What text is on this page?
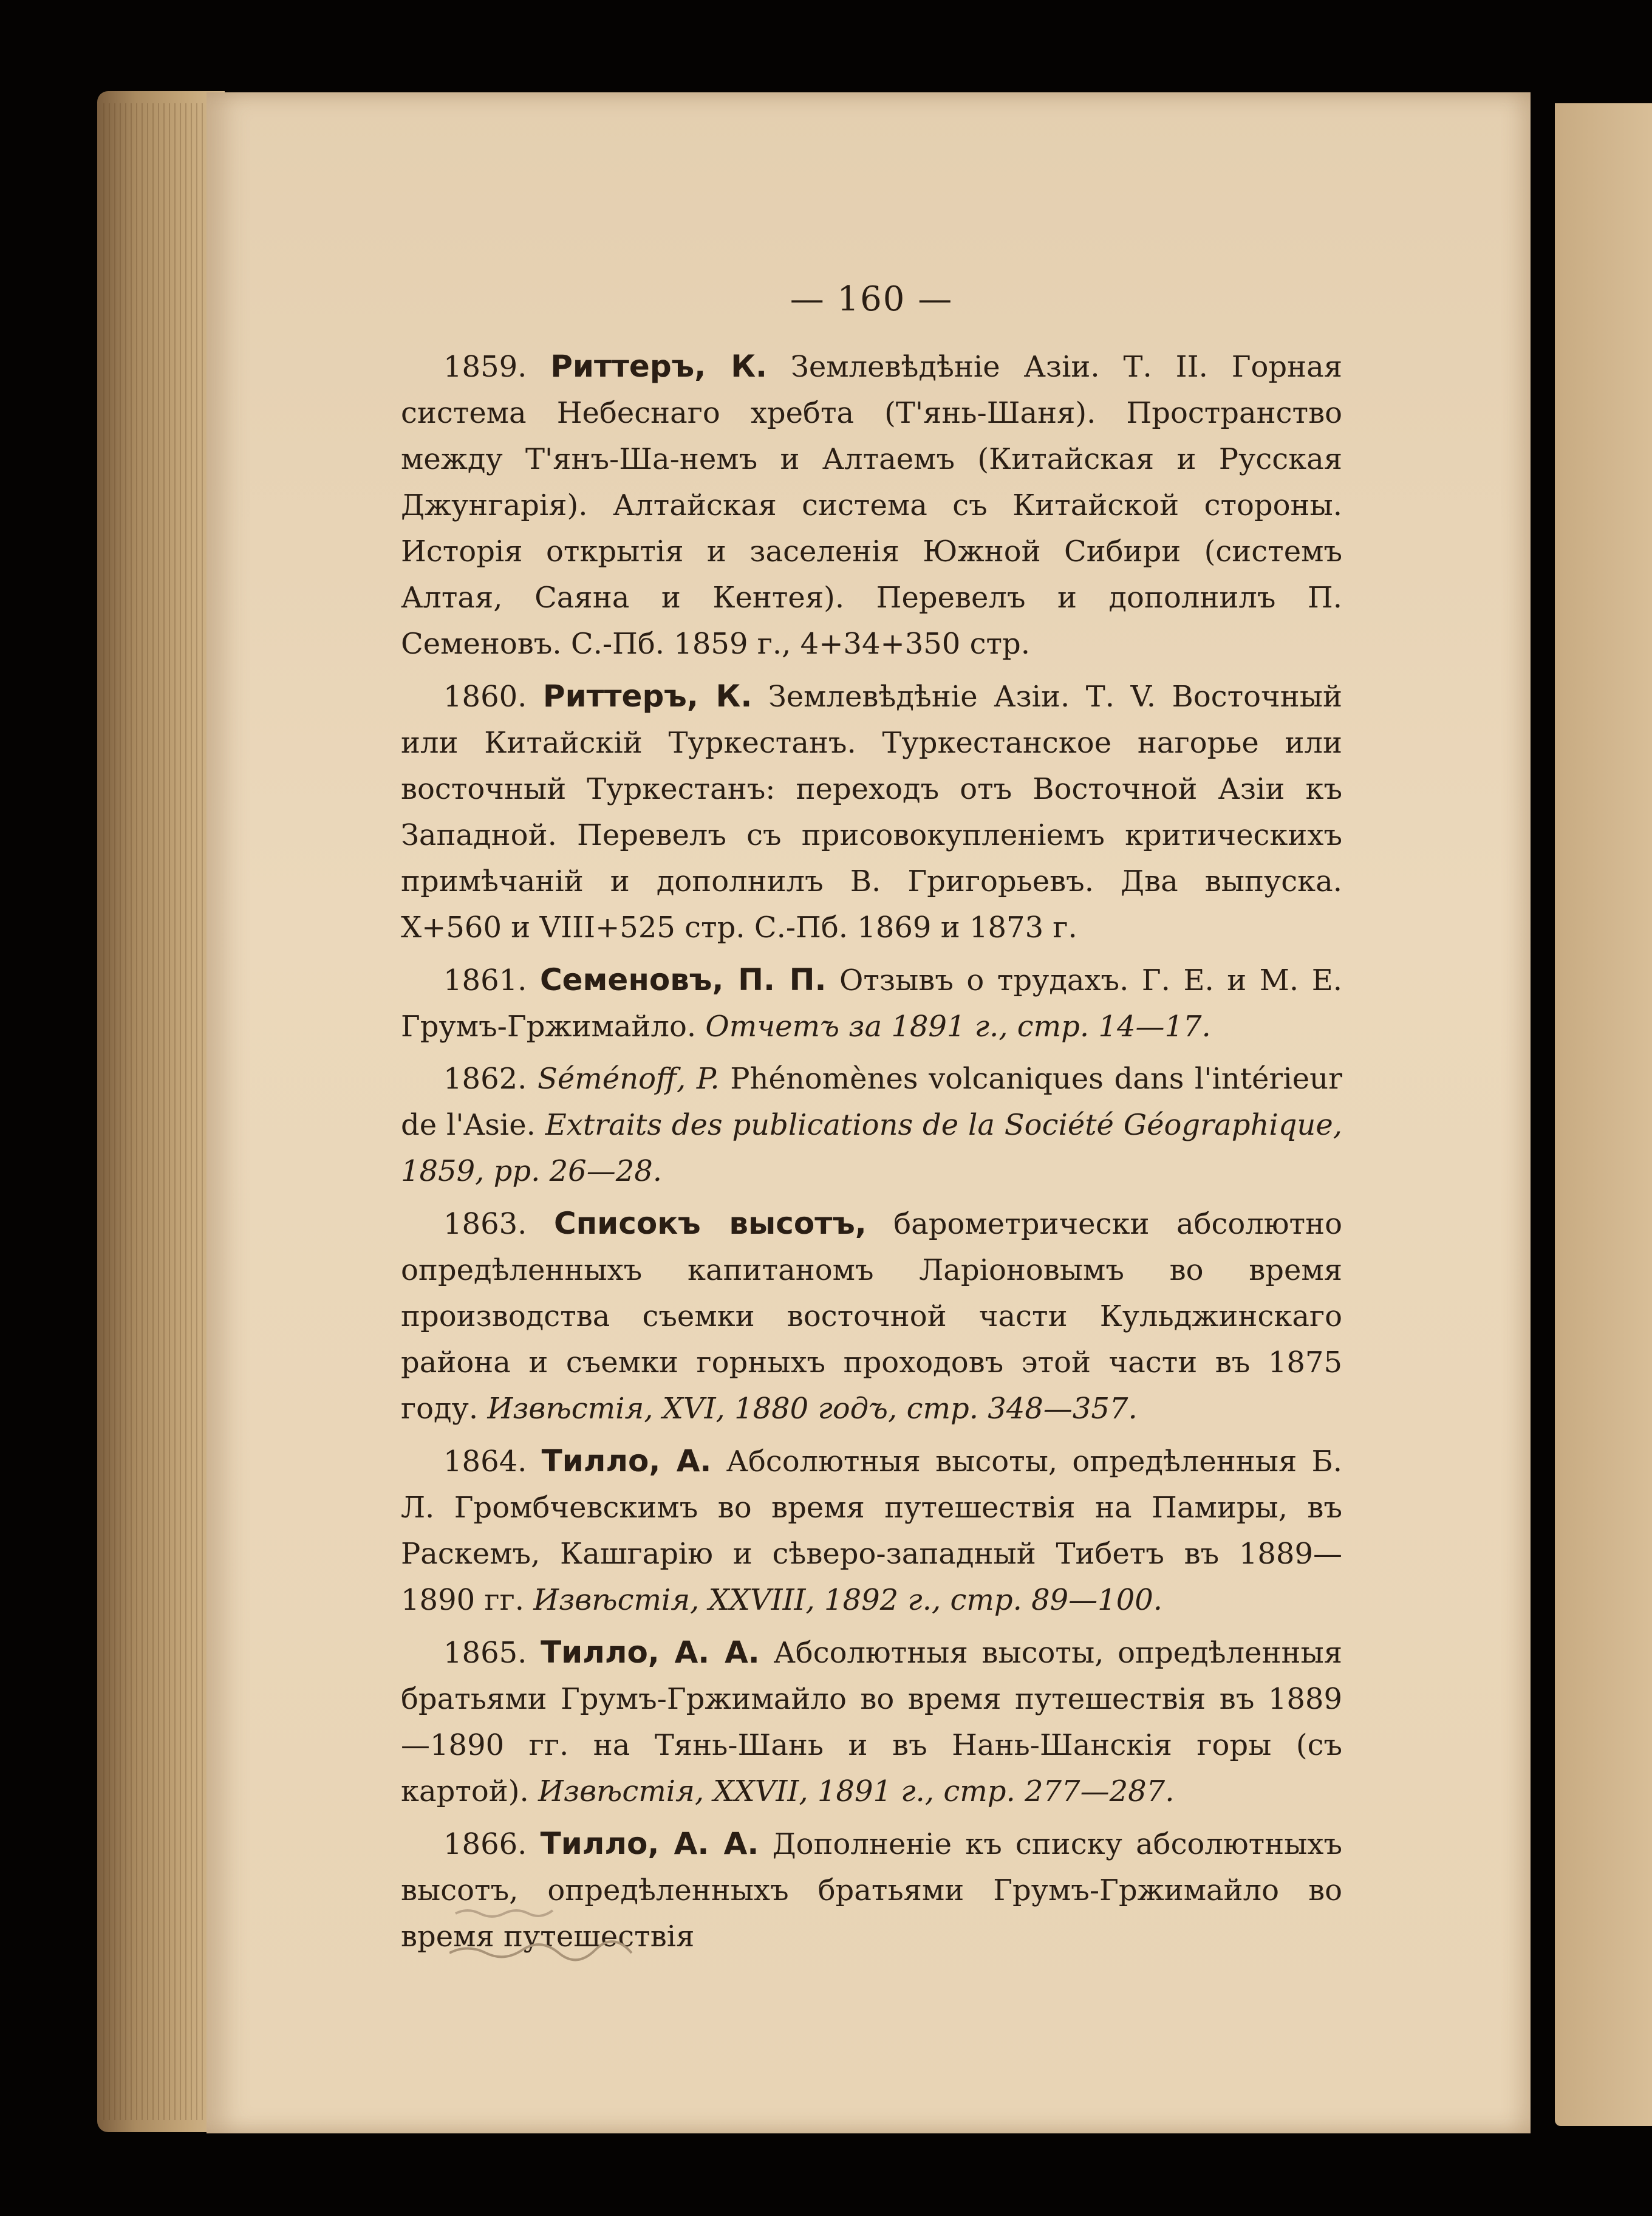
— 160 —

1859. Риттеръ, К. Землевѣдѣніе Азіи. Т. II. Горная система Небеснаго хребта (Т'янь-Шаня). Пространство между Т'янъ-Ша-немъ и Алтаемъ (Китайская и Русская Джунгарія). Алтайская система съ Китайской стороны. Исторія открытія и заселенія Южной Сибири (системъ Алтая, Саяна и Кентея). Перевелъ и дополнилъ П. Семеновъ. С.-Пб. 1859 г., 4+34+350 стр.

1860. Риттеръ, К. Землевѣдѣніе Азіи. Т. V. Восточный или Китайскій Туркестанъ. Туркестанское нагорье или восточный Туркестанъ: переходъ отъ Восточной Азіи къ Западной. Перевелъ съ присовокупленіемъ критическихъ примѣчаній и дополнилъ В. Григорьевъ. Два выпуска. X+560 и VIII+525 стр. С.-Пб. 1869 и 1873 г.

1861. Семеновъ, П. П. Отзывъ о трудахъ. Г. Е. и М. Е. Грумъ-Гржимайло. Отчетъ за 1891 г., стр. 14—17.

1862. Séménoff, P. Phénomènes volcaniques dans l'intérieur de l'Asie. Extraits des publications de la Société Géographique, 1859, pp. 26—28.

1863. Списокъ высотъ, барометрически абсолютно опредѣленныхъ капитаномъ Ларіоновымъ во время производства съемки восточной части Кульджинскаго района и съемки горныхъ проходовъ этой части въ 1875 году. Извѣстія, XVI, 1880 годъ, стр. 348—357.

1864. Тилло, А. Абсолютныя высоты, опредѣленныя Б. Л. Громбчевскимъ во время путешествія на Памиры, въ Раскемъ, Кашгарію и сѣверо-западный Тибетъ въ 1889—1890 гг. Извѣстія, XXVIII, 1892 г., стр. 89—100.

1865. Тилло, А. А. Абсолютныя высоты, опредѣленныя братьями Грумъ-Гржимайло во время путешествія въ 1889—1890 гг. на Тянь-Шань и въ Нань-Шанскія горы (съ картой). Извѣстія, XXVII, 1891 г., стр. 277—287.

1866. Тилло, А. А. Дополненіе къ списку абсолютныхъ высотъ, опредѣленныхъ братьями Грумъ-Гржимайло во время путешествія
